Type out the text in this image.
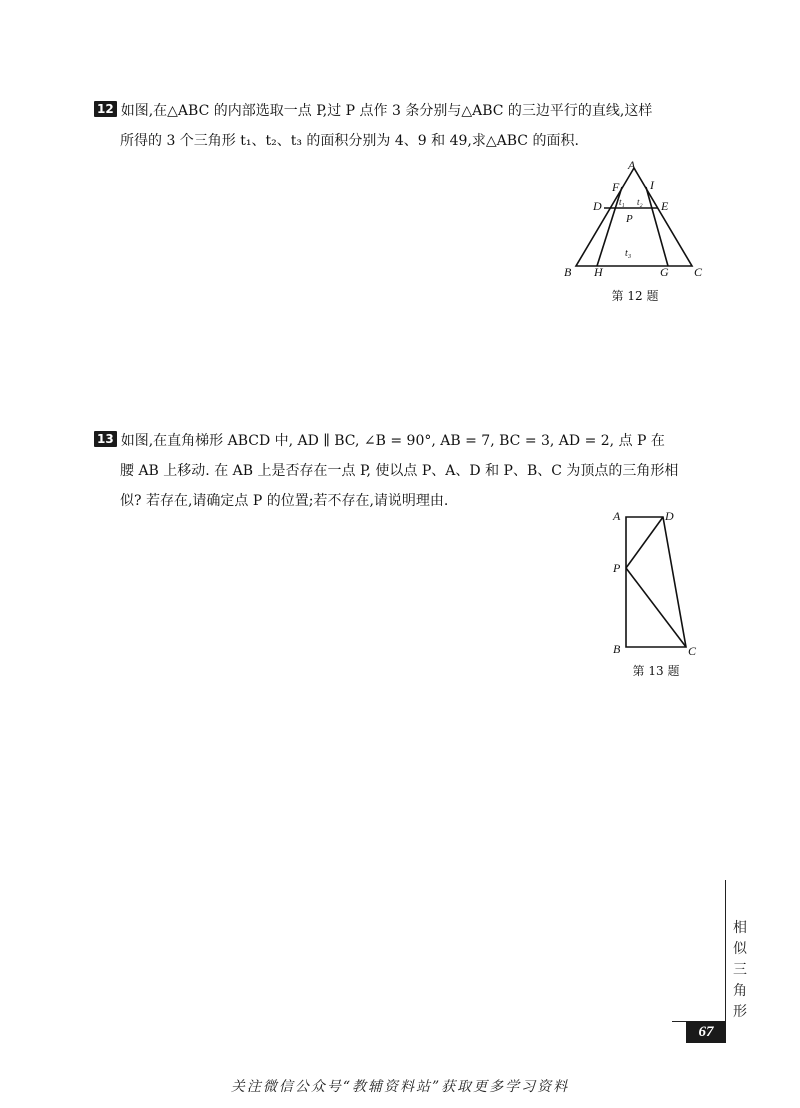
12 如图,在△ABC 的内部选取一点 P,过 P 点作 3 条分别与△ABC 的三边平行的直线,这样
所得的 3 个三角形 t₁、t₂、t₃ 的面积分别为 4、9 和 49,求△ABC 的面积.
A
B	C
D	E
F	I
H	G
P
t₁ t₂
t₃
第 12 题
13 如图,在直角梯形 ABCD 中, AD ∥ BC, ∠B = 90°, AB = 7, BC = 3, AD = 2, 点 P 在
腰 AB 上移动. 在 AB 上是否存在一点 P, 使以点 P、A、D 和 P、B、C 为顶点的三角形相
似? 若存在,请确定点 P 的位置;若不存在,请说明理由.
A	D
P
B	C
第 13 题
相
似
三
角
形
67
关注微信公众号“教辅资料站”获取更多学习资料
